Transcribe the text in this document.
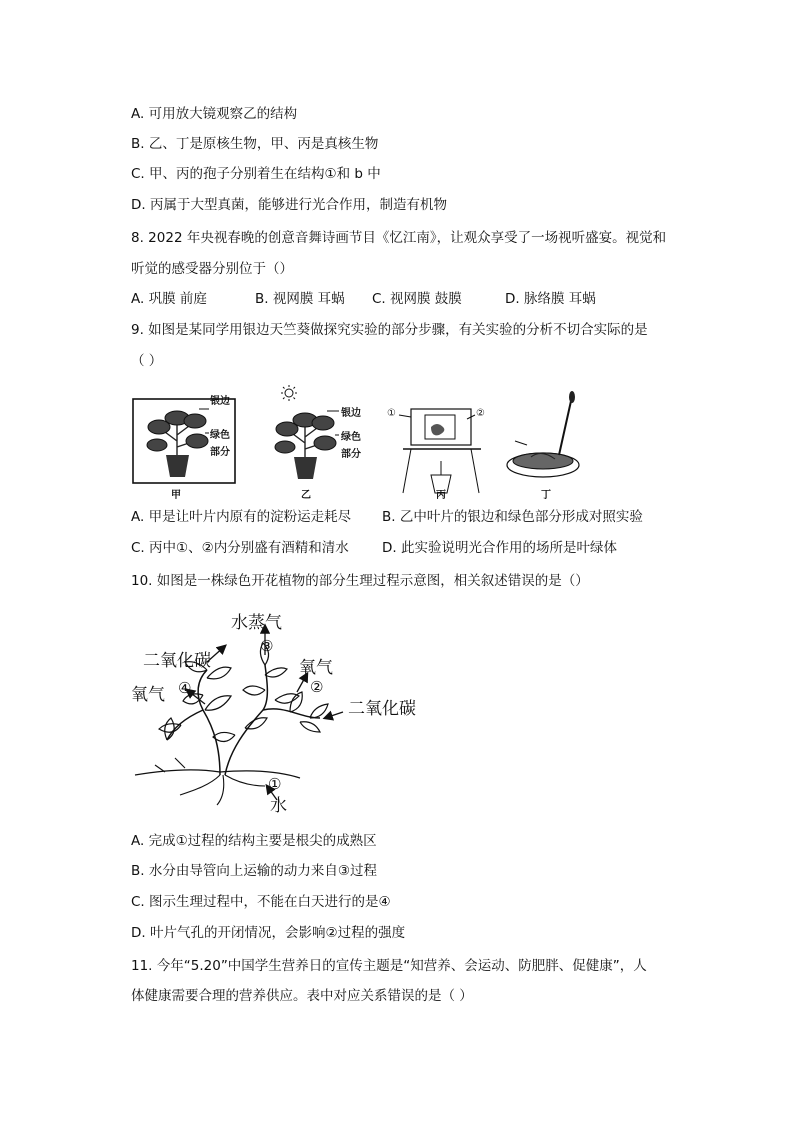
A. 可用放大镜观察乙的结构
B. 乙、丁是原核生物，甲、丙是真核生物
C. 甲、丙的孢子分别着生在结构①和 b 中
D. 丙属于大型真菌，能够进行光合作用，制造有机物
8. 2022 年央视春晚的创意音舞诗画节目《忆江南》，让观众享受了一场视听盛宴。视觉和
听觉的感受器分别位于（）
A. 巩膜 前庭	B. 视网膜 耳蜗 C. 视网膜 鼓膜	D. 脉络膜 耳蜗
9. 如图是某同学用银边天竺葵做探究实验的部分步骤，有关实验的分析不切合实际的是
（ ）
银边
绿色
部分
银边
绿色
部分
①	②
甲	乙	丙	丁
A. 甲是让叶片内原有的淀粉运走耗尽 B. 乙中叶片的银边和绿色部分形成对照实验
C. 丙中①、②内分别盛有酒精和清水 D. 此实验说明光合作用的场所是叶绿体
10. 如图是一株绿色开花植物的部分生理过程示意图，相关叙述错误的是（）
水蒸气
③
二氧化碳	氧气
②
氧气 ④
二氧化碳
①
水
A. 完成①过程的结构主要是根尖的成熟区
B. 水分由导管向上运输的动力来自③过程
C. 图示生理过程中，不能在白天进行的是④
D. 叶片气孔的开闭情况，会影响②过程的强度
11. 今年“5.20”中国学生营养日的宣传主题是“知营养、会运动、防肥胖、促健康”，人
体健康需要合理的营养供应。表中对应关系错误的是（ ）
